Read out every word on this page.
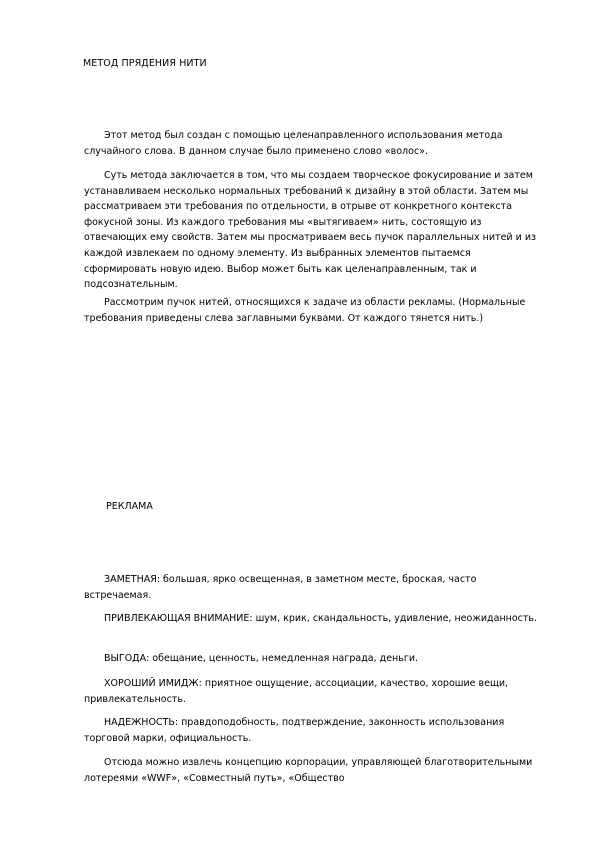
МЕТОД ПРЯДЕНИЯ НИТИ

Этот метод был создан с помощью целенаправленного использования метода случайного слова. В данном случае было применено слово «волос».

Суть метода заключается в том, что мы создаем творческое фокусирование и затем устанавливаем несколько нормальных требований к дизайну в этой области. Затем мы рассматриваем эти требования по отдельности, в отрыве от конкретного контекста фокусной зоны. Из каждого требования мы «вытягиваем» нить, состоящую из отвечающих ему свойств. Затем мы просматриваем весь пучок параллельных нитей и из каждой извлекаем по одному элементу. Из выбранных элементов пытаемся сформировать новую идею. Выбор может быть как целенаправленным, так и подсознательным.

Рассмотрим пучок нитей, относящихся к задаче из области рекламы. (Нормальные требования приведены слева заглавными буквами. От каждого тянется нить.)

РЕКЛАМА

ЗАМЕТНАЯ: большая, ярко освещенная, в заметном месте, броская, часто встречаемая.

ПРИВЛЕКАЮЩАЯ ВНИМАНИЕ: шум, крик, скандальность, удивление, неожиданность.

ВЫГОДА: обещание, ценность, немедленная награда, деньги.

ХОРОШИЙ ИМИДЖ: приятное ощущение, ассоциации, качество, хорошие вещи, привлекательность.

НАДЕЖНОСТЬ: правдоподобность, подтверждение, законность использования торговой марки, официальность.

Отсюда можно извлечь концепцию корпорации, управляющей благотворительными лотереями «WWF», «Совместный путь», «Общество
